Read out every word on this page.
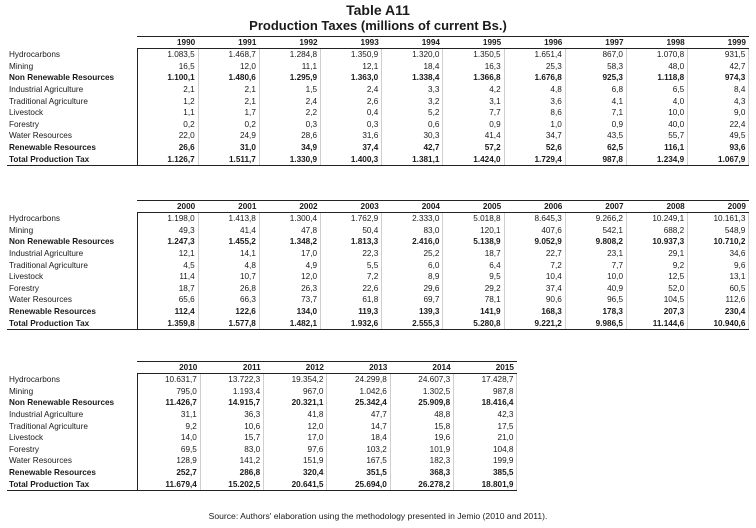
Table A11
Production Taxes (millions of current Bs.)
	1990	1991	1992	1993	1994	1995	1996	1997	1998	1999
Hydrocarbons	1.083,5	1.468,7	1.284,8	1.350,9	1.320,0	1.350,5	1.651,4	867,0	1.070,8	931,5
Mining	16,5	12,0	11,1	12,1	18,4	16,3	25,3	58,3	48,0	42,7
Non Renewable Resources	1.100,1	1.480,6	1.295,9	1.363,0	1.338,4	1.366,8	1.676,8	925,3	1.118,8	974,3
Industrial Agriculture	2,1	2,1	1,5	2,4	3,3	4,2	4,8	6,8	6,5	8,4
Traditional Agriculture	1,2	2,1	2,4	2,6	3,2	3,1	3,6	4,1	4,0	4,3
Livestock	1,1	1,7	2,2	0,4	5,2	7,7	8,6	7,1	10,0	9,0
Forestry	0,2	0,2	0,3	0,3	0,6	0,9	1,0	0,9	40,0	22,4
Water Resources	22,0	24,9	28,6	31,6	30,3	41,4	34,7	43,5	55,7	49,5
Renewable Resources	26,6	31,0	34,9	37,4	42,7	57,2	52,6	62,5	116,1	93,6
Total Production Tax	1.126,7	1.511,7	1.330,9	1.400,3	1.381,1	1.424,0	1.729,4	987,8	1.234,9	1.067,9
	2000	2001	2002	2003	2004	2005	2006	2007	2008	2009
Hydrocarbons	1.198,0	1.413,8	1.300,4	1.762,9	2.333,0	5.018,8	8.645,3	9.266,2	10.249,1	10.161,3
Mining	49,3	41,4	47,8	50,4	83,0	120,1	407,6	542,1	688,2	548,9
Non Renewable Resources	1.247,3	1.455,2	1.348,2	1.813,3	2.416,0	5.138,9	9.052,9	9.808,2	10.937,3	10.710,2
Industrial Agriculture	12,1	14,1	17,0	22,3	25,2	18,7	22,7	23,1	29,1	34,6
Traditional Agriculture	4,5	4,8	4,9	5,5	6,0	6,4	7,2	7,7	9,2	9,6
Livestock	11,4	10,7	12,0	7,2	8,9	9,5	10,4	10,0	12,5	13,1
Forestry	18,7	26,8	26,3	22,6	29,6	29,2	37,4	40,9	52,0	60,5
Water Resources	65,6	66,3	73,7	61,8	69,7	78,1	90,6	96,5	104,5	112,6
Renewable Resources	112,4	122,6	134,0	119,3	139,3	141,9	168,3	178,3	207,3	230,4
Total Production Tax	1.359,8	1.577,8	1.482,1	1.932,6	2.555,3	5.280,8	9.221,2	9.986,5	11.144,6	10.940,6
	2010	2011	2012	2013	2014	2015
Hydrocarbons	10.631,7	13.722,3	19.354,2	24.299,8	24.607,3	17.428,7
Mining	795,0	1.193,4	967,0	1.042,6	1.302,5	987,8
Non Renewable Resources	11.426,7	14.915,7	20.321,1	25.342,4	25.909,8	18.416,4
Industrial Agriculture	31,1	36,3	41,8	47,7	48,8	42,3
Traditional Agriculture	9,2	10,6	12,0	14,7	15,8	17,5
Livestock	14,0	15,7	17,0	18,4	19,6	21,0
Forestry	69,5	83,0	97,6	103,2	101,9	104,8
Water Resources	128,9	141,2	151,9	167,5	182,3	199,9
Renewable Resources	252,7	286,8	320,4	351,5	368,3	385,5
Total Production Tax	11.679,4	15.202,5	20.641,5	25.694,0	26.278,2	18.801,9
Source: Authors' elaboration using the methodology presented in Jemio (2010 and 2011).
